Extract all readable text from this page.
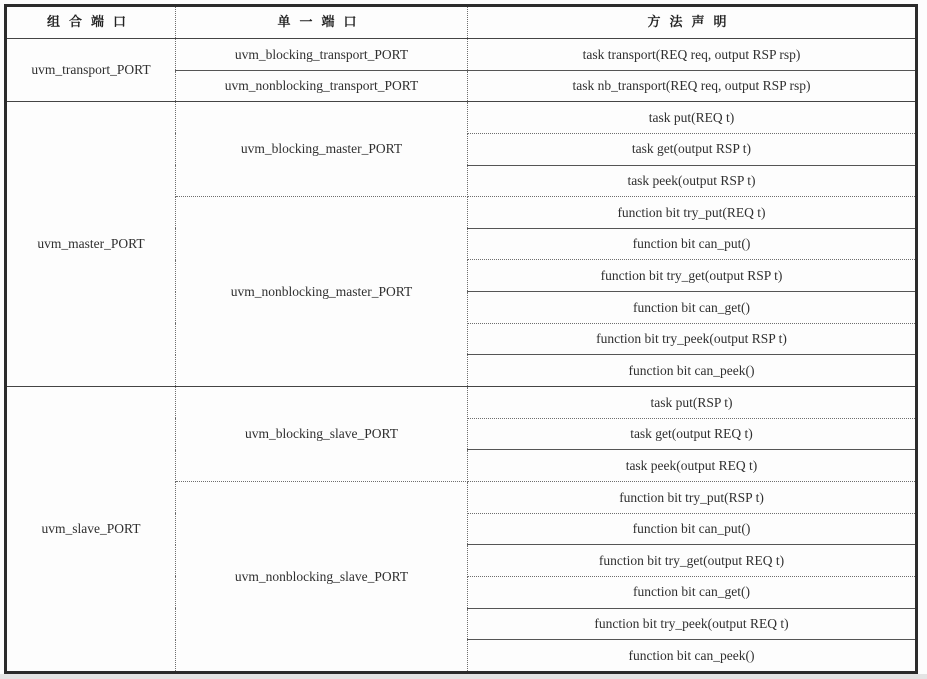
组合端口	单一端口	方法声明
uvm_transport_PORT	uvm_blocking_transport_PORT	task transport(REQ req, output RSP rsp)
	uvm_nonblocking_transport_PORT	task nb_transport(REQ req, output RSP rsp)
uvm_master_PORT	uvm_blocking_master_PORT	task put(REQ t)
		task get(output RSP t)
		task peek(output RSP t)
	uvm_nonblocking_master_PORT	function bit try_put(REQ t)
		function bit can_put()
		function bit try_get(output RSP t)
		function bit can_get()
		function bit try_peek(output RSP t)
		function bit can_peek()
uvm_slave_PORT	uvm_blocking_slave_PORT	task put(RSP t)
		task get(output REQ t)
		task peek(output REQ t)
	uvm_nonblocking_slave_PORT	function bit try_put(RSP t)
		function bit can_put()
		function bit try_get(output REQ t)
		function bit can_get()
		function bit try_peek(output REQ t)
		function bit can_peek()
